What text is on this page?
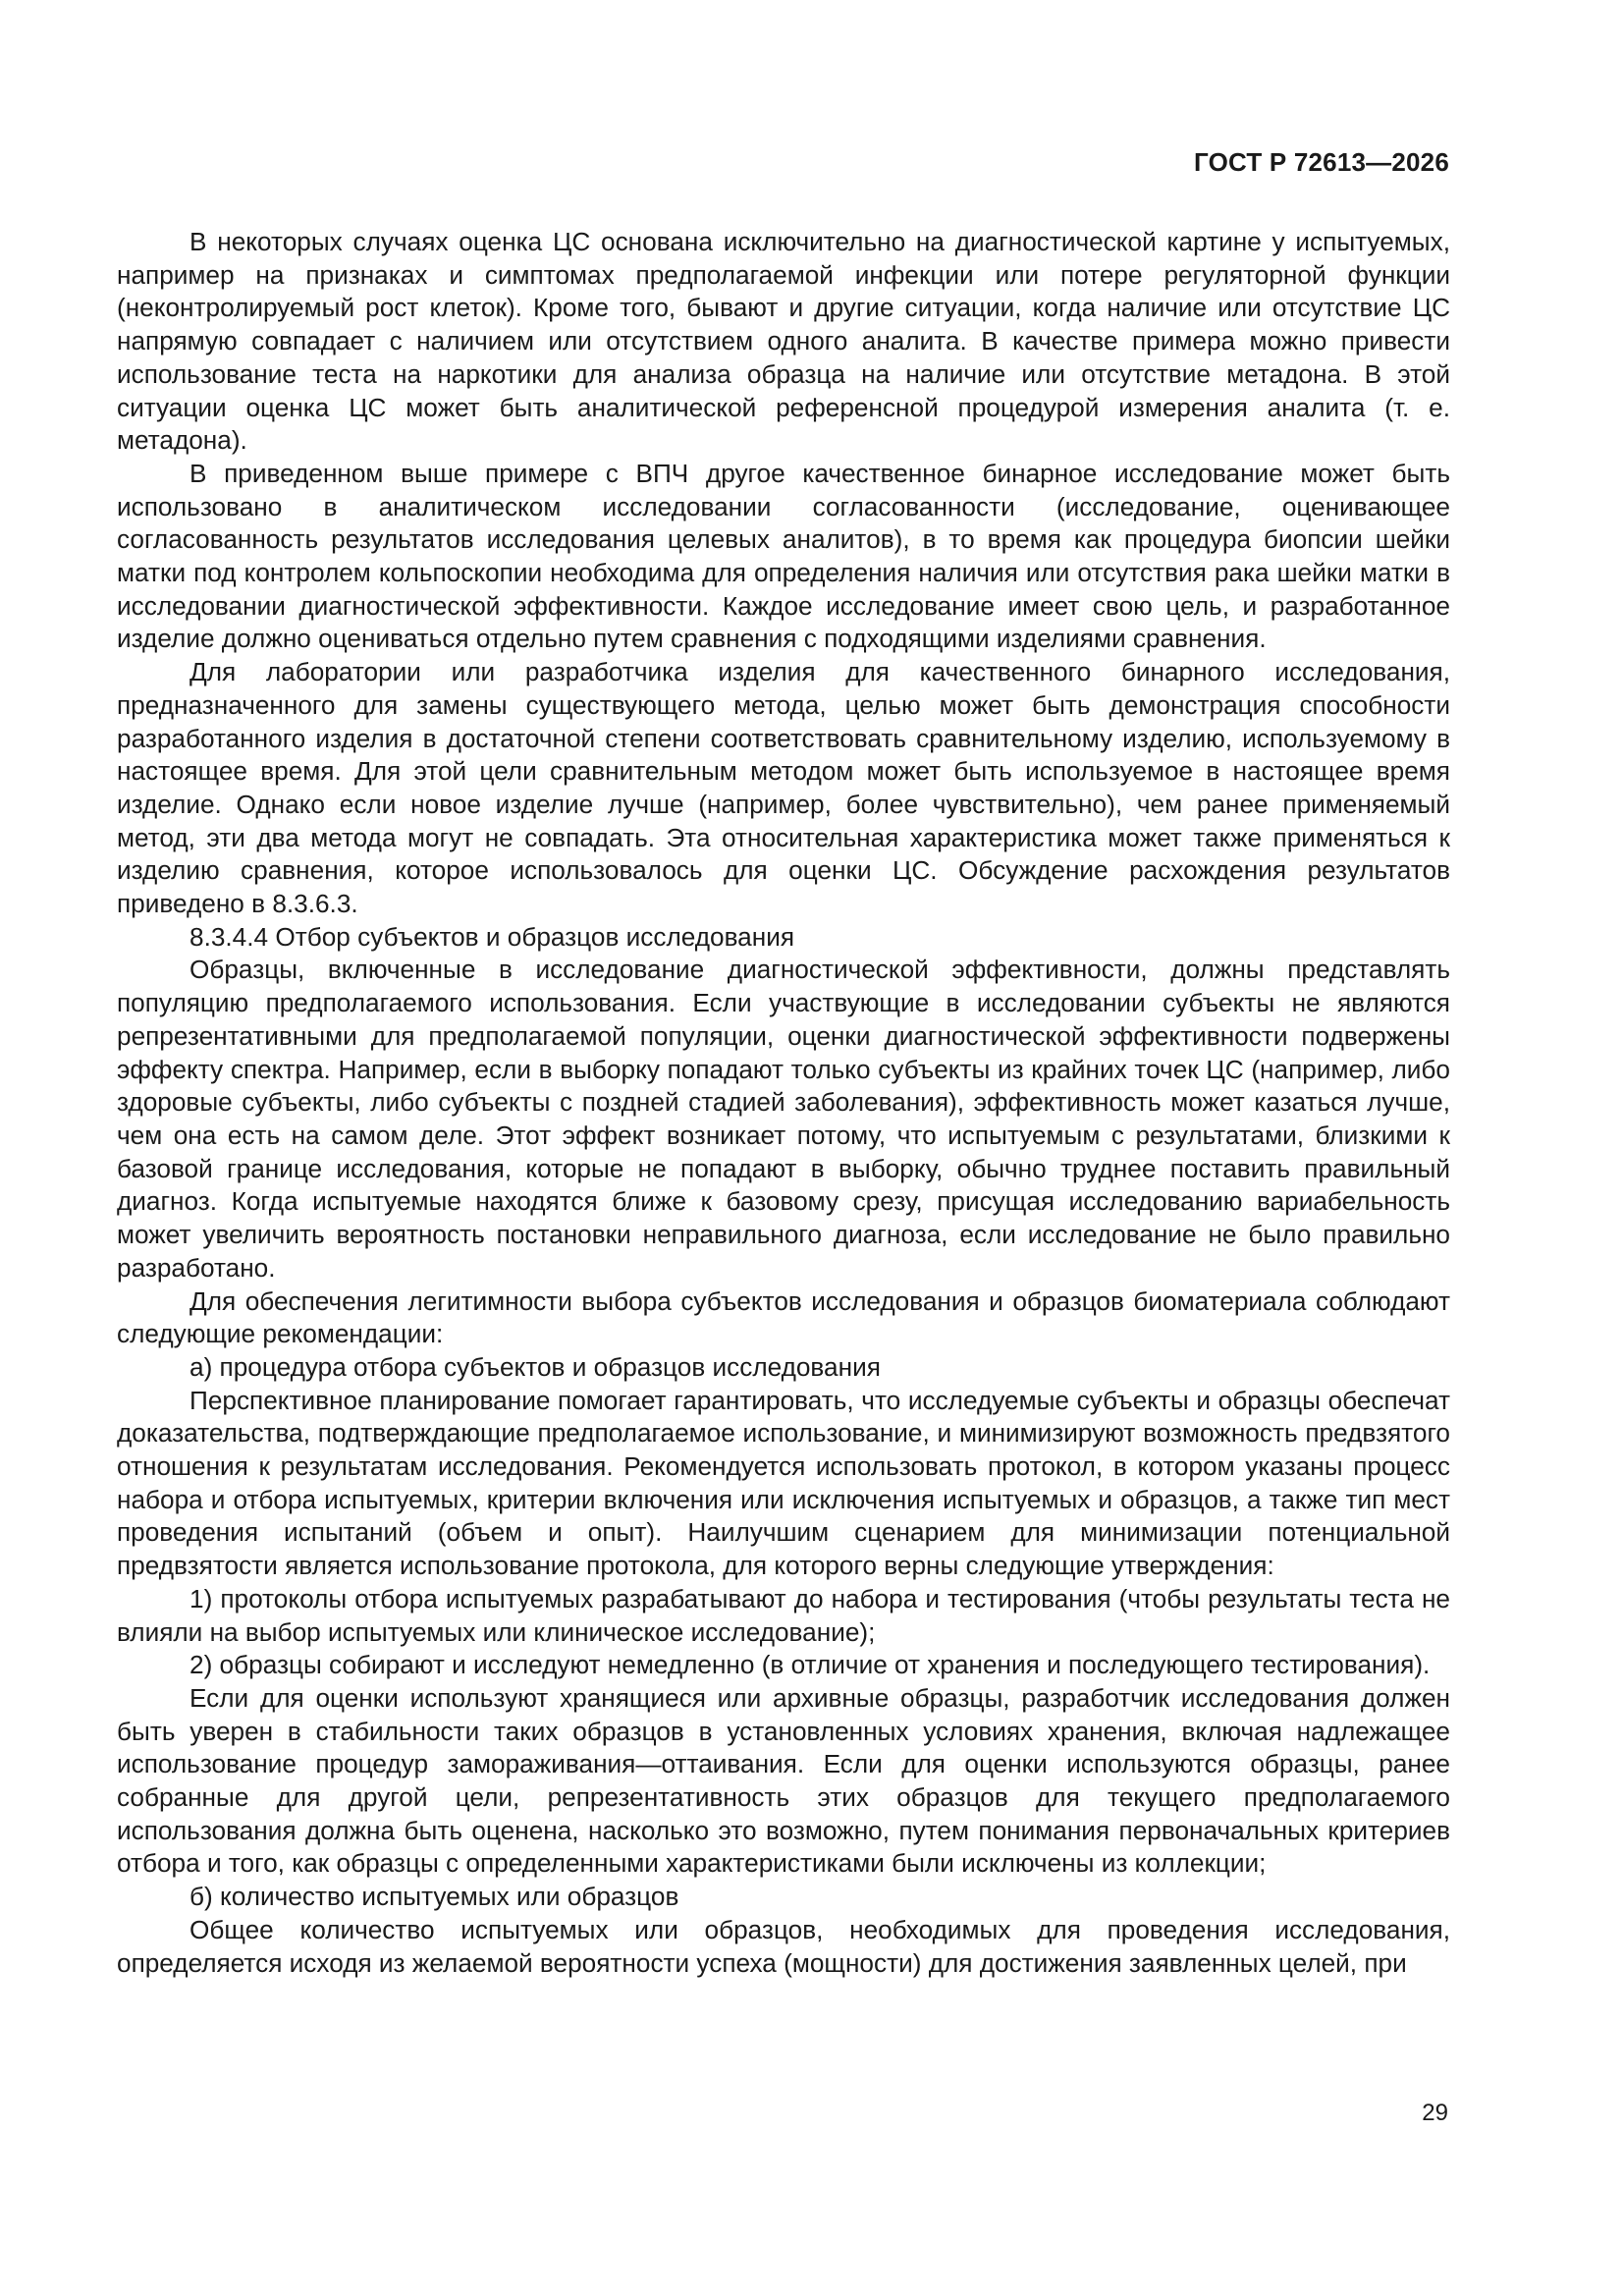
ГОСТ Р 72613—2026

В некоторых случаях оценка ЦС основана исключительно на диагностической картине у испытуемых, например на признаках и симптомах предполагаемой инфекции или потере регуляторной функции (неконтролируемый рост клеток). Кроме того, бывают и другие ситуации, когда наличие или отсутствие ЦС напрямую совпадает с наличием или отсутствием одного аналита. В качестве примера можно привести использование теста на наркотики для анализа образца на наличие или отсутствие метадона. В этой ситуации оценка ЦС может быть аналитической референсной процедурой измерения аналита (т. е. метадона).

В приведенном выше примере с ВПЧ другое качественное бинарное исследование может быть использовано в аналитическом исследовании согласованности (исследование, оценивающее согласованность результатов исследования целевых аналитов), в то время как процедура биопсии шейки матки под контролем кольпоскопии необходима для определения наличия или отсутствия рака шейки матки в исследовании диагностической эффективности. Каждое исследование имеет свою цель, и разработанное изделие должно оцениваться отдельно путем сравнения с подходящими изделиями сравнения.

Для лаборатории или разработчика изделия для качественного бинарного исследования, предназначенного для замены существующего метода, целью может быть демонстрация способности разработанного изделия в достаточной степени соответствовать сравнительному изделию, используемому в настоящее время. Для этой цели сравнительным методом может быть используемое в настоящее время изделие. Однако если новое изделие лучше (например, более чувствительно), чем ранее применяемый метод, эти два метода могут не совпадать. Эта относительная характеристика может также применяться к изделию сравнения, которое использовалось для оценки ЦС. Обсуждение расхождения результатов приведено в 8.3.6.3.

8.3.4.4 Отбор субъектов и образцов исследования

Образцы, включенные в исследование диагностической эффективности, должны представлять популяцию предполагаемого использования. Если участвующие в исследовании субъекты не являются репрезентативными для предполагаемой популяции, оценки диагностической эффективности подвержены эффекту спектра. Например, если в выборку попадают только субъекты из крайних точек ЦС (например, либо здоровые субъекты, либо субъекты с поздней стадией заболевания), эффективность может казаться лучше, чем она есть на самом деле. Этот эффект возникает потому, что испытуемым с результатами, близкими к базовой границе исследования, которые не попадают в выборку, обычно труднее поставить правильный диагноз. Когда испытуемые находятся ближе к базовому срезу, присущая исследованию вариабельность может увеличить вероятность постановки неправильного диагноза, если исследование не было правильно разработано.

Для обеспечения легитимности выбора субъектов исследования и образцов биоматериала соблюдают следующие рекомендации:

а) процедура отбора субъектов и образцов исследования

Перспективное планирование помогает гарантировать, что исследуемые субъекты и образцы обеспечат доказательства, подтверждающие предполагаемое использование, и минимизируют возможность предвзятого отношения к результатам исследования. Рекомендуется использовать протокол, в котором указаны процесс набора и отбора испытуемых, критерии включения или исключения испытуемых и образцов, а также тип мест проведения испытаний (объем и опыт). Наилучшим сценарием для минимизации потенциальной предвзятости является использование протокола, для которого верны следующие утверждения:

1) протоколы отбора испытуемых разрабатывают до набора и тестирования (чтобы результаты теста не влияли на выбор испытуемых или клиническое исследование);

2) образцы собирают и исследуют немедленно (в отличие от хранения и последующего тестирования).

Если для оценки используют хранящиеся или архивные образцы, разработчик исследования должен быть уверен в стабильности таких образцов в установленных условиях хранения, включая надлежащее использование процедур замораживания—оттаивания. Если для оценки используются образцы, ранее собранные для другой цели, репрезентативность этих образцов для текущего предполагаемого использования должна быть оценена, насколько это возможно, путем понимания первоначальных критериев отбора и того, как образцы с определенными характеристиками были исключены из коллекции;

б) количество испытуемых или образцов

Общее количество испытуемых или образцов, необходимых для проведения исследования, определяется исходя из желаемой вероятности успеха (мощности) для достижения заявленных целей, при

29
